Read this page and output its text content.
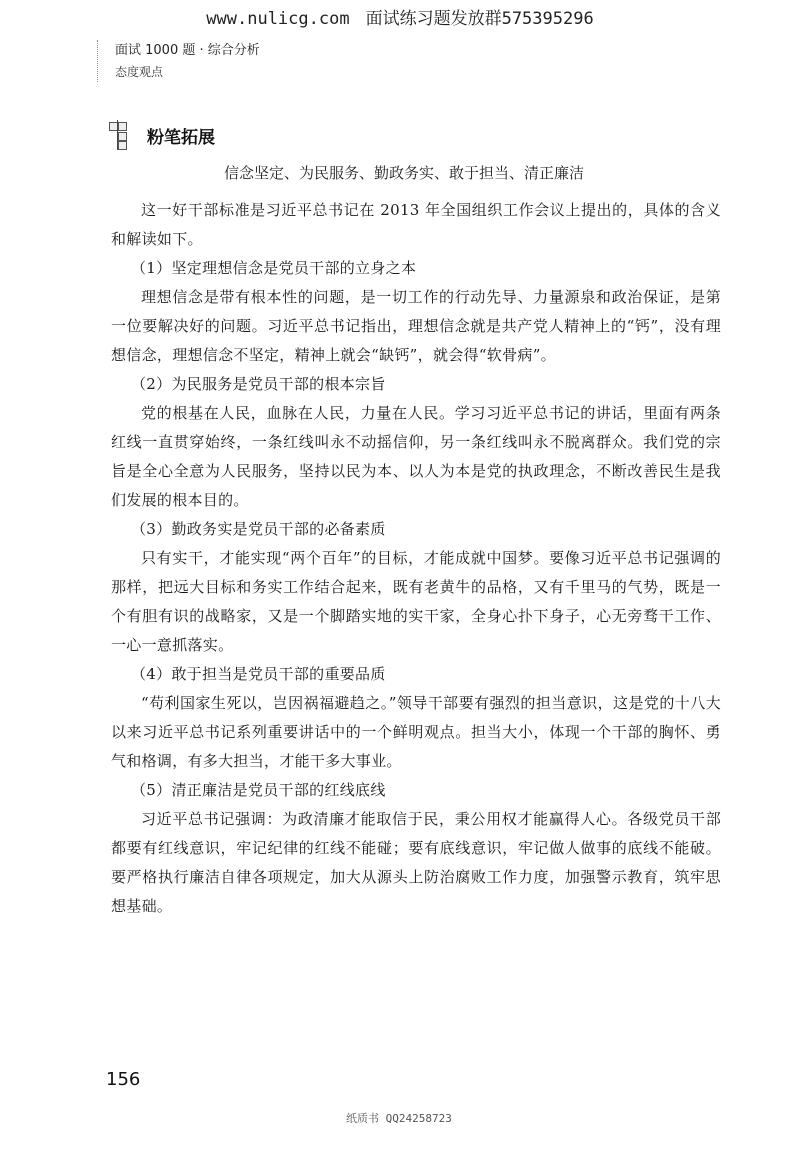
www.nulicg.com 面试练习题发放群575395296
面试 1000 题 · 综合分析
态度观点
粉笔拓展
信念坚定、为民服务、勤政务实、敢于担当、清正廉洁

这一好干部标准是习近平总书记在 2013 年全国组织工作会议上提出的，具体的含义和解读如下。

（1）坚定理想信念是党员干部的立身之本

理想信念是带有根本性的问题，是一切工作的行动先导、力量源泉和政治保证，是第一位要解决好的问题。习近平总书记指出，理想信念就是共产党人精神上的“钙”，没有理想信念，理想信念不坚定，精神上就会“缺钙”，就会得“软骨病”。

（2）为民服务是党员干部的根本宗旨

党的根基在人民，血脉在人民，力量在人民。学习习近平总书记的讲话，里面有两条红线一直贯穿始终，一条红线叫永不动摇信仰，另一条红线叫永不脱离群众。我们党的宗旨是全心全意为人民服务，坚持以民为本、以人为本是党的执政理念，不断改善民生是我们发展的根本目的。

（3）勤政务实是党员干部的必备素质

只有实干，才能实现“两个百年”的目标，才能成就中国梦。要像习近平总书记强调的那样，把远大目标和务实工作结合起来，既有老黄牛的品格，又有千里马的气势，既是一个有胆有识的战略家，又是一个脚踏实地的实干家，全身心扑下身子，心无旁骛干工作、一心一意抓落实。

（4）敢于担当是党员干部的重要品质

“苟利国家生死以，岂因祸福避趋之。”领导干部要有强烈的担当意识，这是党的十八大以来习近平总书记系列重要讲话中的一个鲜明观点。担当大小，体现一个干部的胸怀、勇气和格调，有多大担当，才能干多大事业。

（5）清正廉洁是党员干部的红线底线

习近平总书记强调：为政清廉才能取信于民，秉公用权才能赢得人心。各级党员干部都要有红线意识，牢记纪律的红线不能碰；要有底线意识，牢记做人做事的底线不能破。要严格执行廉洁自律各项规定，加大从源头上防治腐败工作力度，加强警示教育，筑牢思想基础。

156
纸质书 QQ24258723
